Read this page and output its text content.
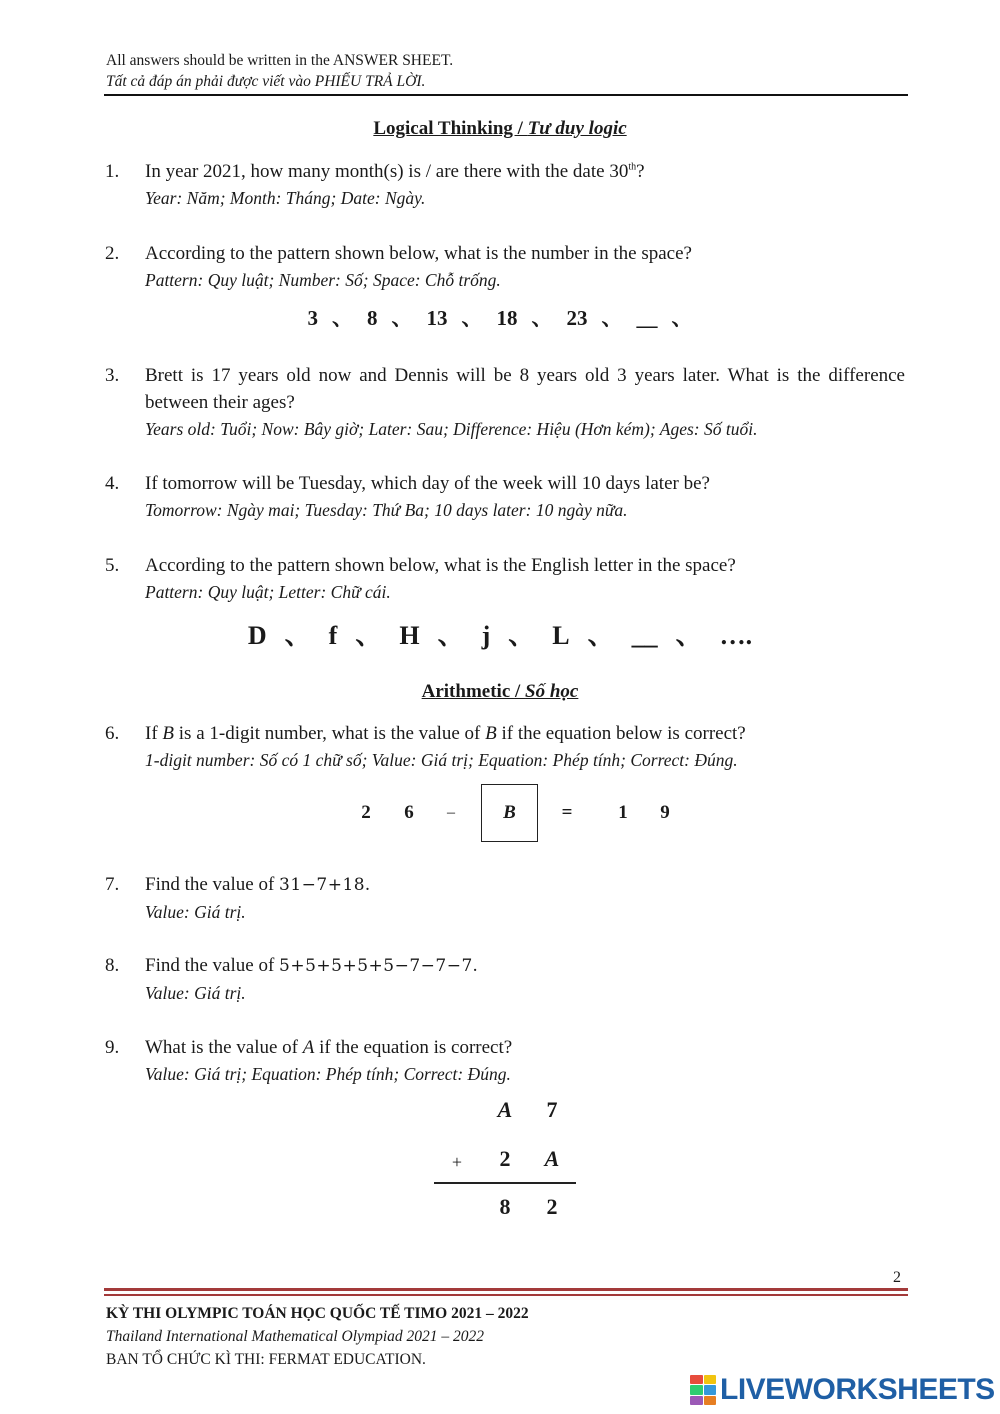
All answers should be written in the ANSWER SHEET.
Tất cả đáp án phải được viết vào PHIẾU TRẢ LỜI.
Logical Thinking / Tư duy logic
1.	In year 2021, how many month(s) is / are there with the date 30th?
Year: Năm; Month: Tháng; Date: Ngày.
2.	According to the pattern shown below, what is the number in the space?
Pattern: Quy luật; Number: Số; Space: Chỗ trống.
3 、 8 、 13 、 18 、 23 、 __ 、
3.	Brett is 17 years old now and Dennis will be 8 years old 3 years later. What is the difference between their ages?
Years old: Tuổi; Now: Bây giờ; Later: Sau; Difference: Hiệu (Hơn kém); Ages: Số tuổi.
4.	If tomorrow will be Tuesday, which day of the week will 10 days later be?
Tomorrow: Ngày mai; Tuesday: Thứ Ba; 10 days later: 10 ngày nữa.
5.	According to the pattern shown below, what is the English letter in the space?
Pattern: Quy luật; Letter: Chữ cái.
D 、 f 、 H 、 j 、 L 、 __ 、 ….
Arithmetic / Số học
6.	If B is a 1-digit number, what is the value of B if the equation below is correct?
1-digit number: Số có 1 chữ số; Value: Giá trị; Equation: Phép tính; Correct: Đúng.
2 6	–	= 1 9
B
7.	Find the value of 31−7+18.
Value: Giá trị.
8.	Find the value of 5+5+5+5+5−7−7−7.
Value: Giá trị.
9.	What is the value of A if the equation is correct?
Value: Giá trị; Equation: Phép tính; Correct: Đúng.
A	7
+	2	A
8	2
2
KỲ THI OLYMPIC TOÁN HỌC QUỐC TẾ TIMO 2021 – 2022
Thailand International Mathematical Olympiad 2021 – 2022
BAN TỔ CHỨC KÌ THI: FERMAT EDUCATION.
LIVEWORKSHEETS
